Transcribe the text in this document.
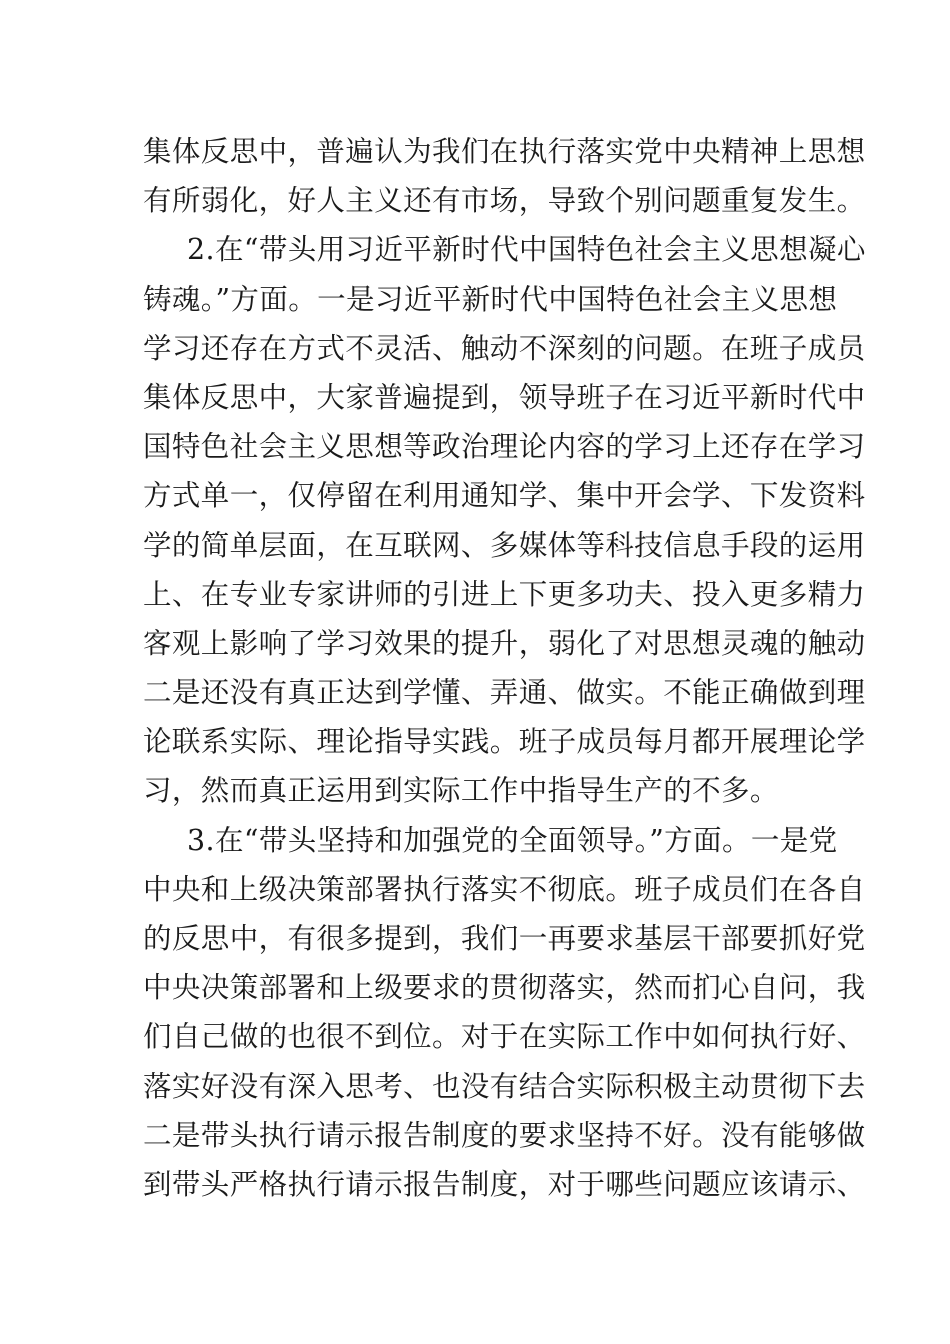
集体反思中，普遍认为我们在执行落实党中央精神上思想
有所弱化，好人主义还有市场，导致个别问题重复发生。
2.在“带头用习近平新时代中国特色社会主义思想凝心
铸魂。”方面。一是习近平新时代中国特色社会主义思想
学习还存在方式不灵活、触动不深刻的问题。在班子成员
集体反思中，大家普遍提到，领导班子在习近平新时代中
国特色社会主义思想等政治理论内容的学习上还存在学习
方式单一，仅停留在利用通知学、集中开会学、下发资料
学的简单层面，在互联网、多媒体等科技信息手段的运用
上、在专业专家讲师的引进上下更多功夫、投入更多精力
客观上影响了学习效果的提升，弱化了对思想灵魂的触动
二是还没有真正达到学懂、弄通、做实。不能正确做到理
论联系实际、理论指导实践。班子成员每月都开展理论学
习，然而真正运用到实际工作中指导生产的不多。
3.在“带头坚持和加强党的全面领导。”方面。一是党
中央和上级决策部署执行落实不彻底。班子成员们在各自
的反思中，有很多提到，我们一再要求基层干部要抓好党
中央决策部署和上级要求的贯彻落实，然而扪心自问，我
们自己做的也很不到位。对于在实际工作中如何执行好、
落实好没有深入思考、也没有结合实际积极主动贯彻下去
二是带头执行请示报告制度的要求坚持不好。没有能够做
到带头严格执行请示报告制度，对于哪些问题应该请示、
